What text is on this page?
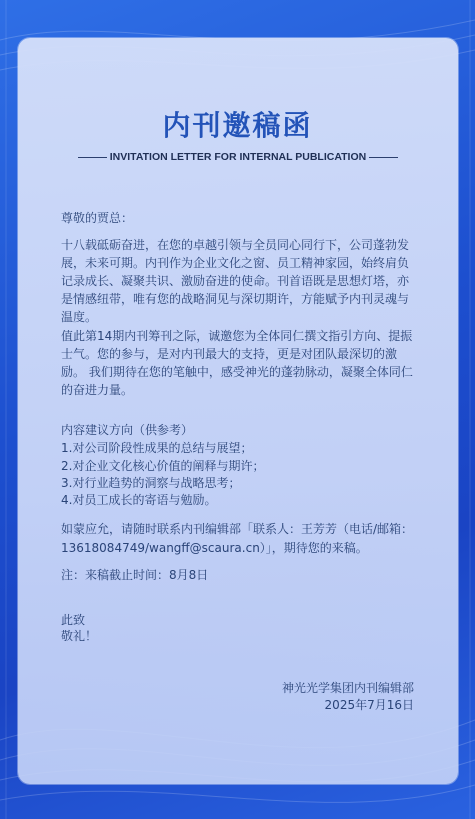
内刊邀稿函
INVITATION LETTER FOR INTERNAL PUBLICATION

尊敬的贾总：

十八载砥砺奋进，在您的卓越引领与全员同心同行下，公司蓬勃发展，未来可期。内刊作为企业文化之窗、员工精神家园，始终肩负记录成长、凝聚共识、激励奋进的使命。刊首语既是思想灯塔，亦是情感纽带，唯有您的战略洞见与深切期许，方能赋予内刊灵魂与温度。

值此第14期内刊筹刊之际，诚邀您为全体同仁撰文指引方向、提振士气。您的参与，是对内刊最大的支持，更是对团队最深切的激励。 我们期待在您的笔触中，感受神光的蓬勃脉动，凝聚全体同仁的奋进力量。

内容建议方向（供参考）

1.对公司阶段性成果的总结与展望；

2.对企业文化核心价值的阐释与期许；

3.对行业趋势的洞察与战略思考；

4.对员工成长的寄语与勉励。

如蒙应允，请随时联系内刊编辑部「联系人：王芳芳（电话/邮箱：13618084749/wangff@scaura.cn）」，期待您的来稿。

注：来稿截止时间：8月8日

此致

敬礼！

神光光学集团内刊编辑部
2025年7月16日
